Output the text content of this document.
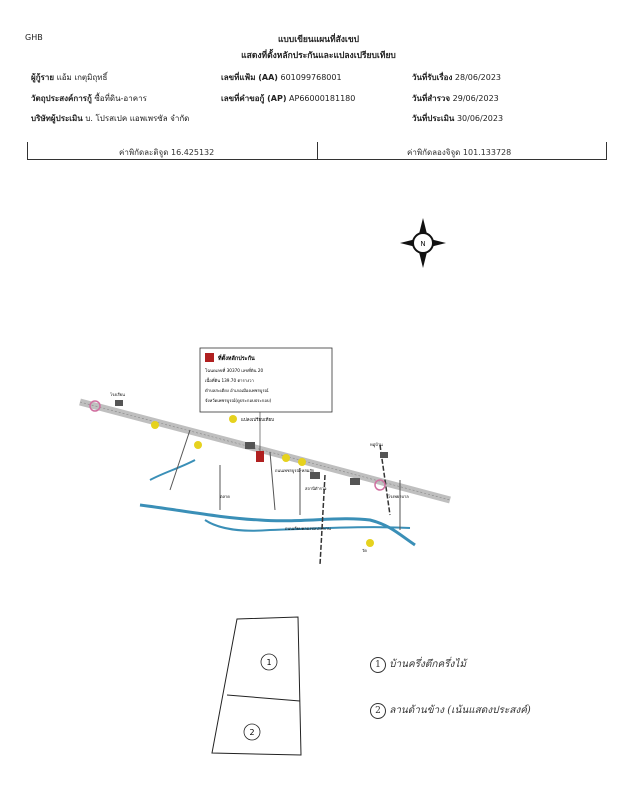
GHB	แบบเขียนแผนที่สังเขป
แสดงที่ตั้งหลักประกันและแปลงเปรียบเทียบ
ผู้กู้ราย แอ้ม เกตุมิถุทธิ์
วัตถุประสงค์การกู้ ซื้อที่ดิน-อาคาร
บริษัทผู้ประเมิน บ. โปรสเปค แอพเพรซัล จำกัด
เลขที่แฟ้ม (AA) 601099768001
เลขที่คำขอกู้ (AP) AP66000181180
วันที่รับเรื่อง 28/06/2023
วันที่สำรวจ 29/06/2023
วันที่ประเมิน 30/06/2023
ค่าพิกัดละติจูด 16.425132	ค่าพิกัดลองจิจูด 101.133728
N
ที่ตั้งหลักประกัน
โฉนดเลขที่ 30370 เลขที่ดิน 20
เนื้อที่ดิน 139.70 ตารางวา
ตำบลสะเดียง อำเภอเมืองเพชรบูรณ์
จังหวัดเพชรบูรณ์(ดูประกอบประกอบ)
แปลงเปรียบเทียบ
ถนนเพชรบูรณ์-หล่มสัก
ถนนเลียบคลองชลประทาน
โรงเรียน
ตลาด
วัด
สถานีตำรวจ
โรงพยาบาล
หมู่บ้าน
1
2
1 บ้านครึ่งตึกครึ่งไม้
2 ลานด้านข้าง (เน้นแสดงประสงค์)
